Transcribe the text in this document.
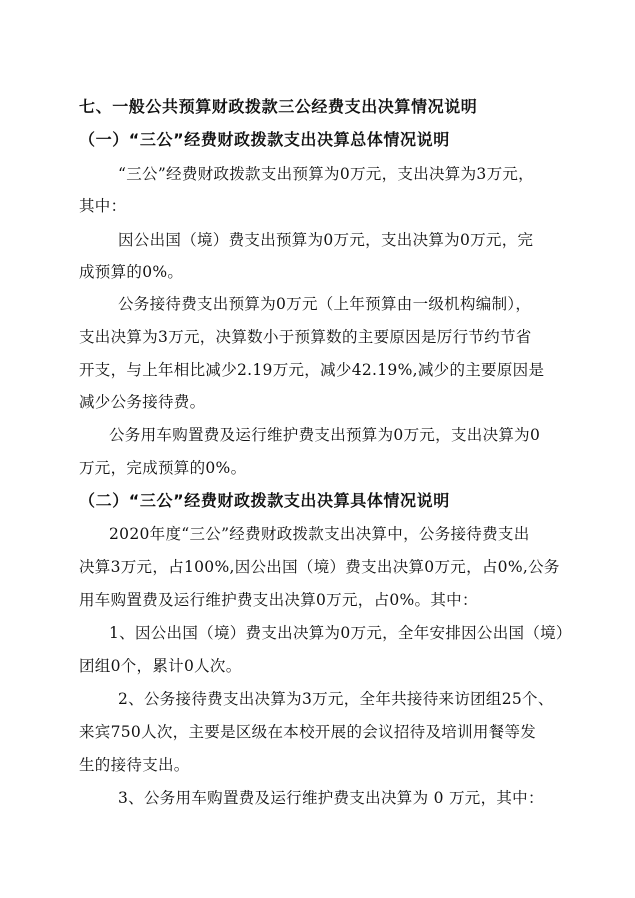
七、一般公共预算财政拨款三公经费支出决算情况说明
（一）“三公”经费财政拨款支出决算总体情况说明
“三公”经费财政拨款支出预算为0万元，支出决算为3万元，
其中：
因公出国（境）费支出预算为0万元，支出决算为0万元，完
成预算的0%。
公务接待费支出预算为0万元（上年预算由一级机构编制），
支出决算为3万元，决算数小于预算数的主要原因是厉行节约节省
开支，与上年相比减少2.19万元，减少42.19%,减少的主要原因是
减少公务接待费。
公务用车购置费及运行维护费支出预算为0万元，支出决算为0
万元，完成预算的0%。
（二）“三公”经费财政拨款支出决算具体情况说明
2020年度“三公”经费财政拨款支出决算中，公务接待费支出
决算3万元，占100%,因公出国（境）费支出决算0万元，占0%,公务
用车购置费及运行维护费支出决算0万元，占0%。其中：
1、因公出国（境）费支出决算为0万元，全年安排因公出国（境）
团组0个，累计0人次。
2、公务接待费支出决算为3万元，全年共接待来访团组25个、
来宾750人次，主要是区级在本校开展的会议招待及培训用餐等发
生的接待支出。
3、公务用车购置费及运行维护费支出决算为 0 万元，其中：
